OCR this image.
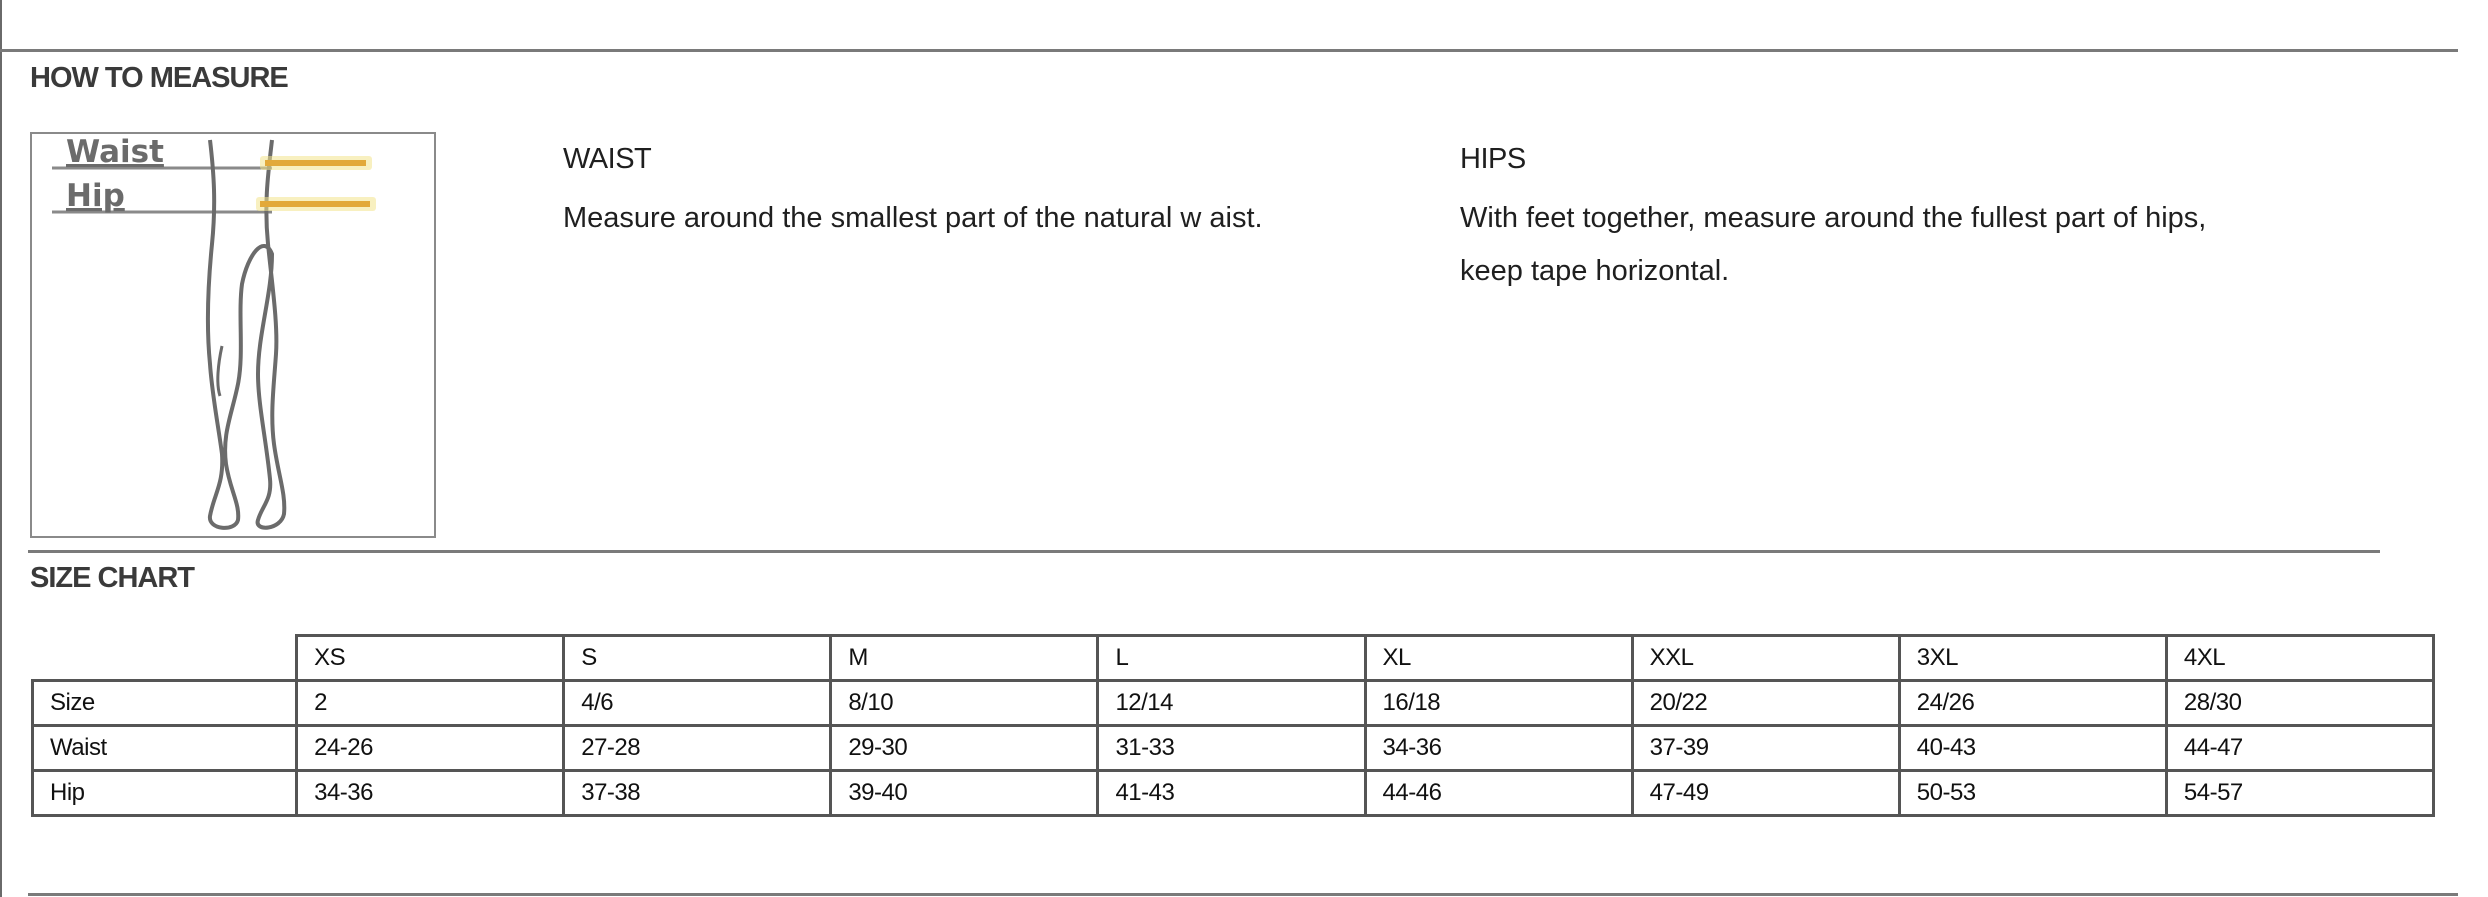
HOW TO MEASURE
Waist
Hip

WAIST

Measure around the smallest part of the natural w aist.

HIPS

With feet together, measure around the fullest part of hips,

keep tape horizontal.

SIZE CHART
	XS	S	M	L	XL	XXL	3XL	4XL
Size	2	4/6	8/10	12/14	16/18	20/22	24/26	28/30
Waist	24-26	27-28	29-30	31-33	34-36	37-39	40-43	44-47
Hip	34-36	37-38	39-40	41-43	44-46	47-49	50-53	54-57
